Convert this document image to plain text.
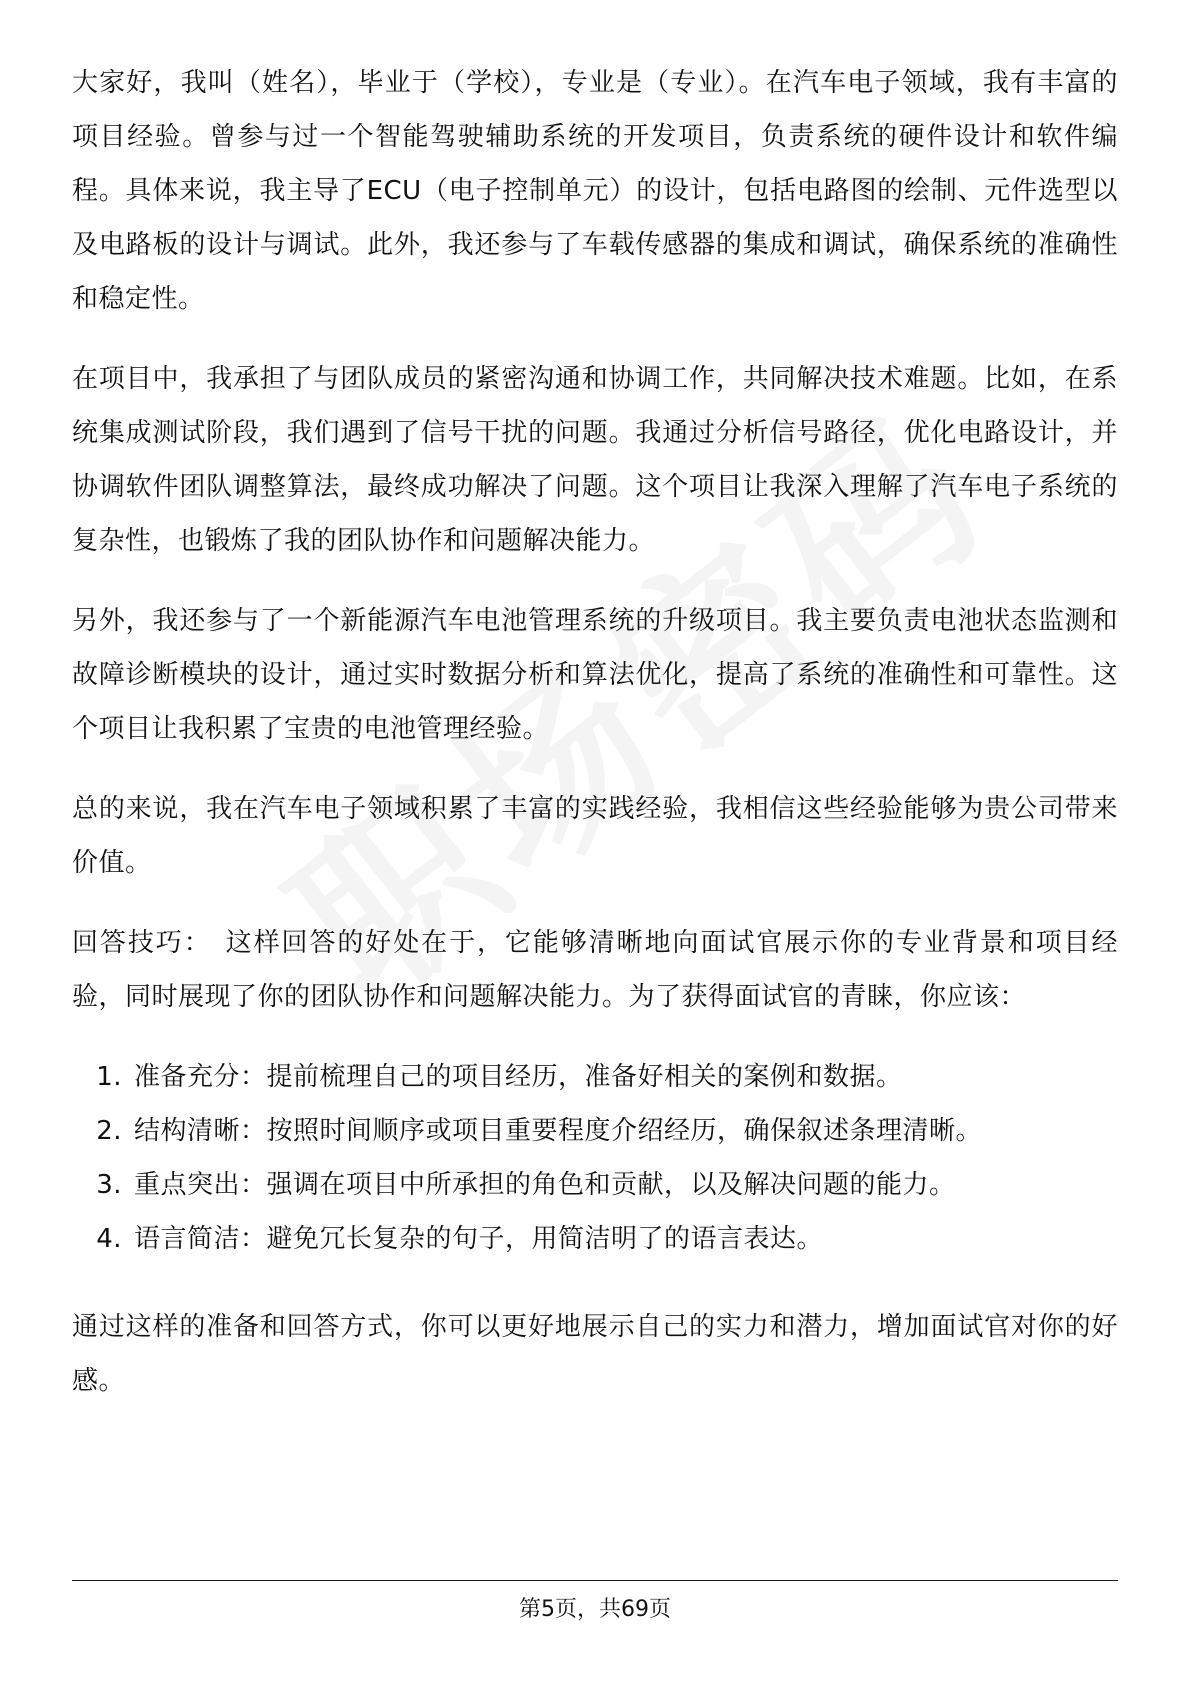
大家好，我叫（姓名），毕业于（学校），专业是（专业）。在汽车电子领域，我有丰富的项目经验。曾参与过一个智能驾驶辅助系统的开发项目，负责系统的硬件设计和软件编程。具体来说，我主导了ECU（电子控制单元）的设计，包括电路图的绘制、元件选型以及电路板的设计与调试。此外，我还参与了车载传感器的集成和调试，确保系统的准确性和稳定性。

在项目中，我承担了与团队成员的紧密沟通和协调工作，共同解决技术难题。比如，在系统集成测试阶段，我们遇到了信号干扰的问题。我通过分析信号路径，优化电路设计，并协调软件团队调整算法，最终成功解决了问题。这个项目让我深入理解了汽车电子系统的复杂性，也锻炼了我的团队协作和问题解决能力。

另外，我还参与了一个新能源汽车电池管理系统的升级项目。我主要负责电池状态监测和故障诊断模块的设计，通过实时数据分析和算法优化，提高了系统的准确性和可靠性。这个项目让我积累了宝贵的电池管理经验。

总的来说，我在汽车电子领域积累了丰富的实践经验，我相信这些经验能够为贵公司带来价值。

回答技巧： 这样回答的好处在于，它能够清晰地向面试官展示你的专业背景和项目经验，同时展现了你的团队协作和问题解决能力。为了获得面试官的青睐，你应该：

1. 准备充分：提前梳理自己的项目经历，准备好相关的案例和数据。
2. 结构清晰：按照时间顺序或项目重要程度介绍经历，确保叙述条理清晰。
3. 重点突出：强调在项目中所承担的角色和贡献，以及解决问题的能力。
4. 语言简洁：避免冗长复杂的句子，用简洁明了的语言表达。

通过这样的准备和回答方式，你可以更好地展示自己的实力和潜力，增加面试官对你的好感。

第5页，共69页
